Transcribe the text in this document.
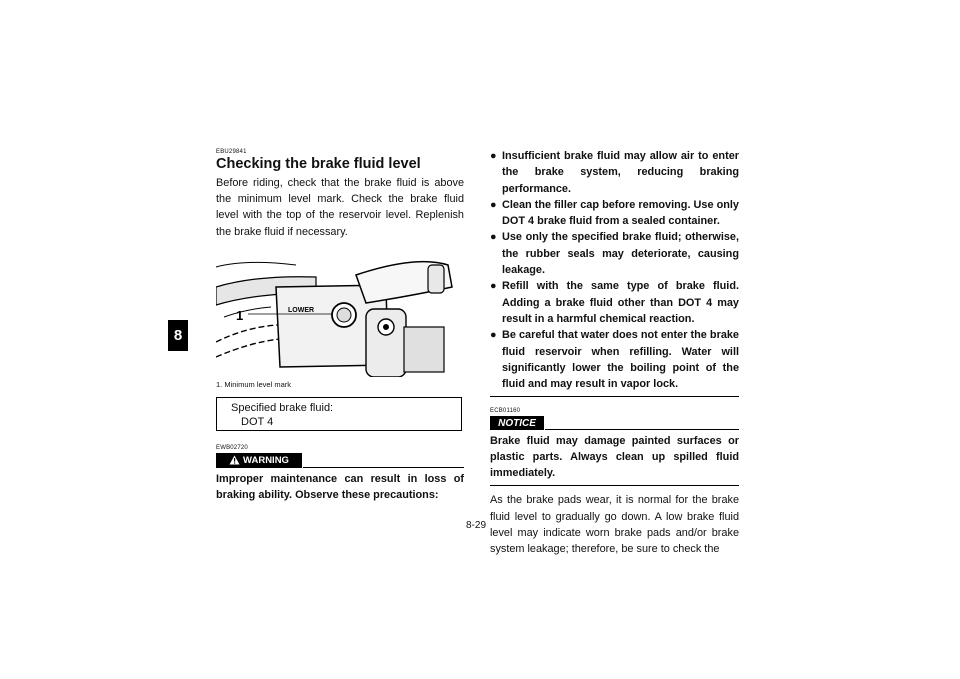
8

EBU29841

Checking the brake fluid level

Before riding, check that the brake fluid is above the minimum level mark. Check the brake fluid level with the top of the reservoir level. Replenish the brake fluid if necessary.

LOWER
1
1. Minimum level mark
Specified brake fluid:
DOT 4

EWB02720

WARNING

Improper maintenance can result in loss of braking ability. Observe these precautions:

● Insufficient brake fluid may allow air to enter the brake system, reducing braking performance.
● Clean the filler cap before removing. Use only DOT 4 brake fluid from a sealed container.
● Use only the specified brake fluid; otherwise, the rubber seals may deteriorate, causing leakage.
● Refill with the same type of brake fluid. Adding a brake fluid other than DOT 4 may result in a harmful chemical reaction.
● Be careful that water does not enter the brake fluid reservoir when refilling. Water will significantly lower the boiling point of the fluid and may result in vapor lock.

ECB01160

NOTICE

Brake fluid may damage painted surfaces or plastic parts. Always clean up spilled fluid immediately.

As the brake pads wear, it is normal for the brake fluid level to gradually go down. A low brake fluid level may indicate worn brake pads and/or brake system leakage; therefore, be sure to check the

8-29
